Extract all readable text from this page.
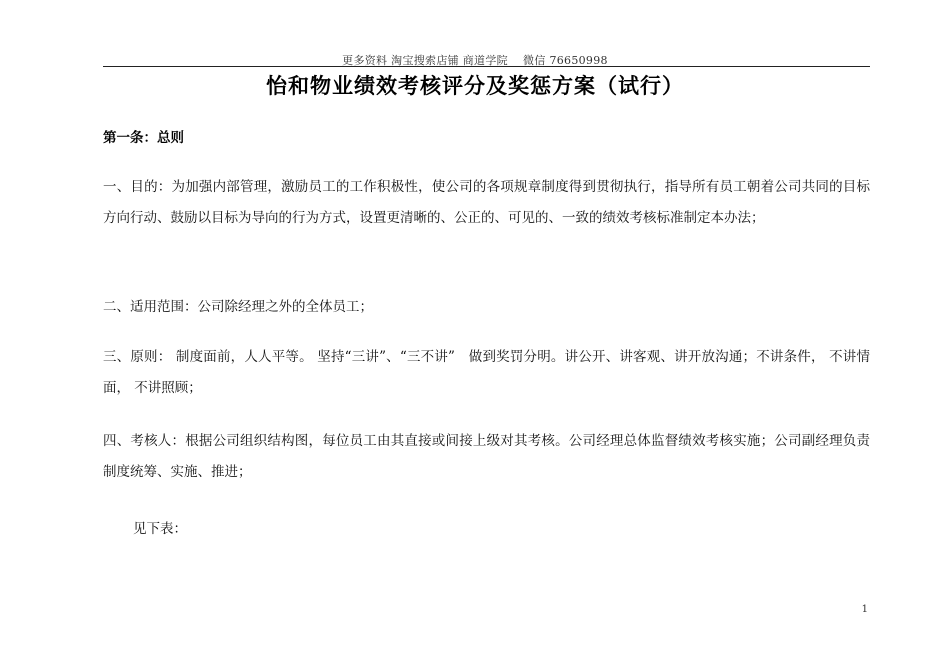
更多资料 淘宝搜索店铺 商道学院　 微信 76650998
怡和物业绩效考核评分及奖惩方案（试行）
第一条：总则

一、目的：为加强内部管理，激励员工的工作积极性，使公司的各项规章制度得到贯彻执行，指导所有员工朝着公司共同的目标方向行动、鼓励以目标为导向的行为方式，设置更清晰的、公正的、可见的、一致的绩效考核标准制定本办法；

二、适用范围：公司除经理之外的全体员工；

三、原则： 制度面前，人人平等。 坚持“三讲”、“三不讲”　做到奖罚分明。讲公开、讲客观、讲开放沟通；不讲条件， 不讲情面， 不讲照顾；

四、考核人：根据公司组织结构图，每位员工由其直接或间接上级对其考核。公司经理总体监督绩效考核实施；公司副经理负责制度统筹、实施、推进；

见下表：

1
